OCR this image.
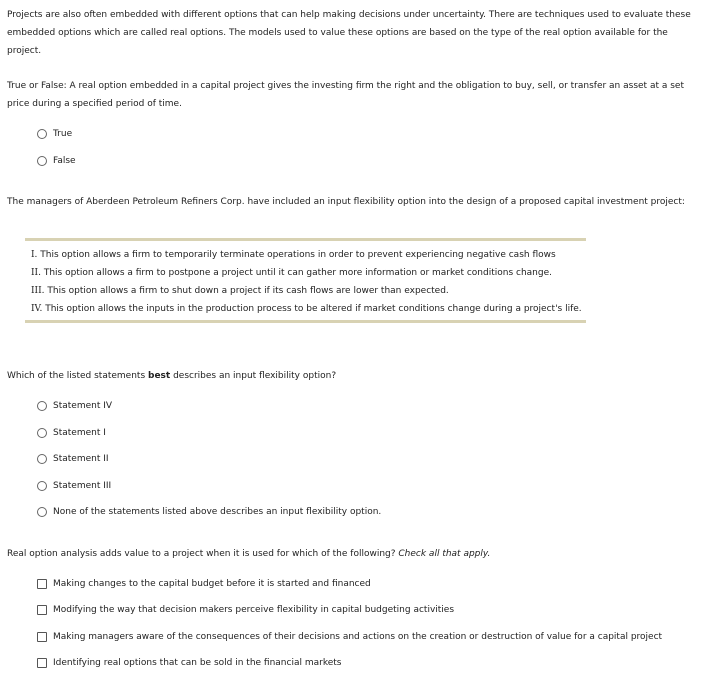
Projects are also often embedded with different options that can help making decisions under uncertainty. There are techniques used to evaluate these embedded options which are called real options. The models used to value these options are based on the type of the real option available for the project.
True or False: A real option embedded in a capital project gives the investing firm the right and the obligation to buy, sell, or transfer an asset at a set price during a specified period of time.
True
False
The managers of Aberdeen Petroleum Refiners Corp. have included an input flexibility option into the design of a proposed capital investment project:
I. This option allows a firm to temporarily terminate operations in order to prevent experiencing negative cash flows
II. This option allows a firm to postpone a project until it can gather more information or market conditions change.
III. This option allows a firm to shut down a project if its cash flows are lower than expected.
IV. This option allows the inputs in the production process to be altered if market conditions change during a project's life.
Which of the listed statements best describes an input flexibility option?
Statement IV
Statement I
Statement II
Statement III
None of the statements listed above describes an input flexibility option.
Real option analysis adds value to a project when it is used for which of the following? Check all that apply.
Making changes to the capital budget before it is started and financed
Modifying the way that decision makers perceive flexibility in capital budgeting activities
Making managers aware of the consequences of their decisions and actions on the creation or destruction of value for a capital project
Identifying real options that can be sold in the financial markets
